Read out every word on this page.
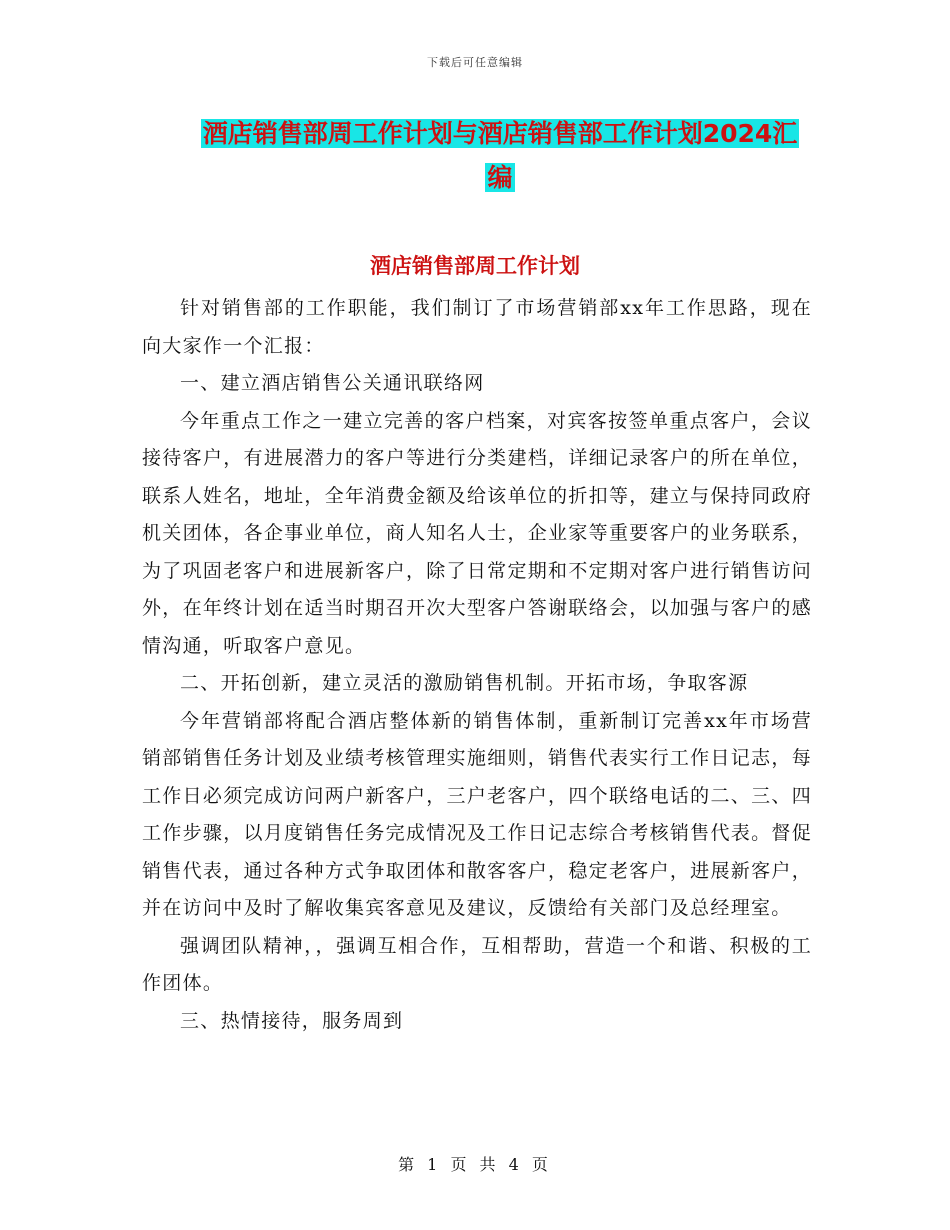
下载后可任意编辑
酒店销售部周工作计划与酒店销售部工作计划2024汇
编
酒店销售部周工作计划

针对销售部的工作职能，我们制订了市场营销部xx年工作思路，现在向大家作一个汇报：

一、建立酒店销售公关通讯联络网

今年重点工作之一建立完善的客户档案，对宾客按签单重点客户，会议接待客户，有进展潜力的客户等进行分类建档，详细记录客户的所在单位，联系人姓名，地址，全年消费金额及给该单位的折扣等，建立与保持同政府机关团体，各企事业单位，商人知名人士，企业家等重要客户的业务联系，为了巩固老客户和进展新客户，除了日常定期和不定期对客户进行销售访问外，在年终计划在适当时期召开次大型客户答谢联络会，以加强与客户的感情沟通，听取客户意见。

二、开拓创新，建立灵活的激励销售机制。开拓市场，争取客源

今年营销部将配合酒店整体新的销售体制，重新制订完善xx年市场营销部销售任务计划及业绩考核管理实施细则，销售代表实行工作日记志，每工作日必须完成访问两户新客户，三户老客户，四个联络电话的二、三、四工作步骤，以月度销售任务完成情况及工作日记志综合考核销售代表。督促销售代表，通过各种方式争取团体和散客客户，稳定老客户，进展新客户，并在访问中及时了解收集宾客意见及建议，反馈给有关部门及总经理室。

强调团队精神，，强调互相合作，互相帮助，营造一个和谐、积极的工作团体。

三、热情接待，服务周到

第 1 页 共 4 页
